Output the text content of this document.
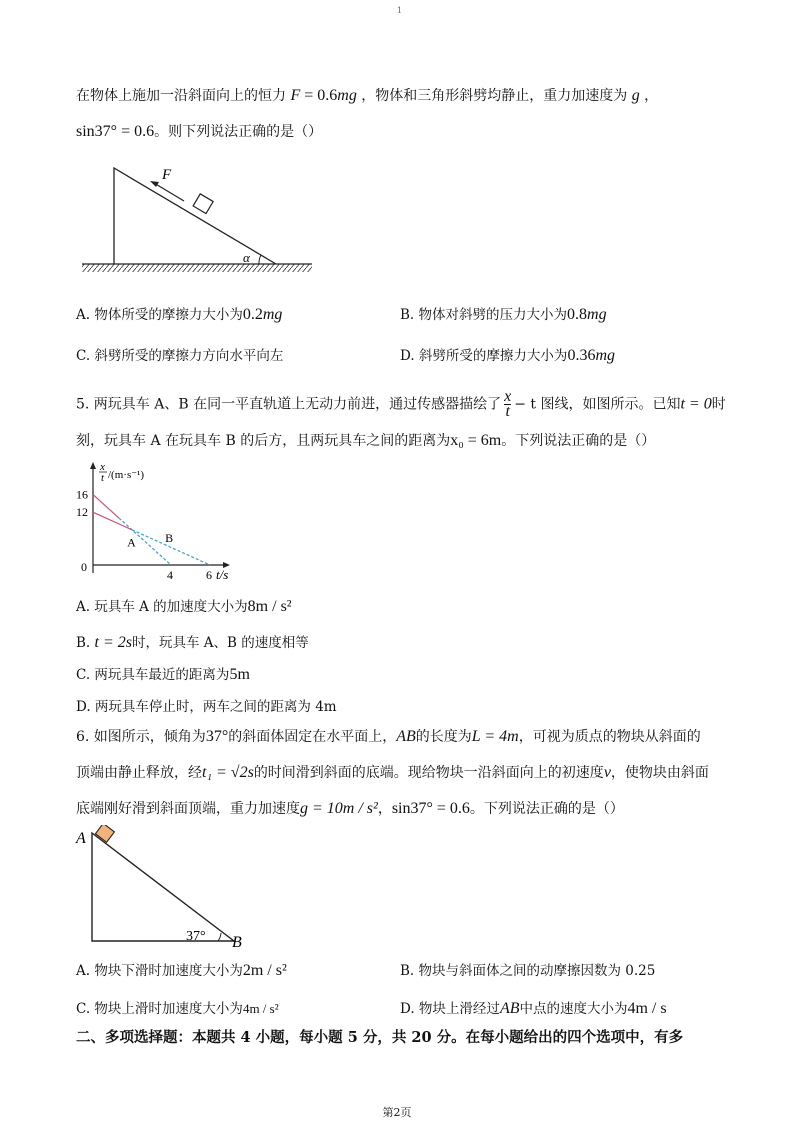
1
在物体上施加一沿斜面向上的恒力 F = 0.6mg ，物体和三角形斜劈均静止，重力加速度为 g ，
sin37° = 0.6。则下列说法正确的是（）
F
α
A. 物体所受的摩擦力大小为0.2mg	B. 物体对斜劈的压力大小为0.8mg
C. 斜劈所受的摩擦力方向水平向左	D. 斜劈所受的摩擦力大小为0.36mg
5. 两玩具车 A、B 在同一平直轨道上无动力前进，通过传感器描绘了 $\frac{x}{t} - t$ 图线，如图所示。已知t = 0时
刻，玩具车 A 在玩具车 B 的后方，且两玩具车之间的距离为x₀ = 6m。下列说法正确的是（）
x
t /(m·s⁻¹)
t/s
0
16
12
4	6
A B
A. 玩具车 A 的加速度大小为8m / s²
B. t = 2s时，玩具车 A、B 的速度相等
C. 两玩具车最近的距离为5m
D. 两玩具车停止时，两车之间的距离为 4m
6. 如图所示，倾角为37°的斜面体固定在水平面上，AB的长度为L = 4m，可视为质点的物块从斜面的
顶端由静止释放，经t₁ = √2s的时间滑到斜面的底端。现给物块一沿斜面向上的初速度v，使物块由斜面
底端刚好滑到斜面顶端，重力加速度g = 10m / s²，sin37° = 0.6。下列说法正确的是（）
A
B
37°
A. 物块下滑时加速度大小为2m / s²	B. 物块与斜面体之间的动摩擦因数为 0.25
C. 物块上滑时加速度大小为4m / s²	D. 物块上滑经过AB中点的速度大小为4m / s
二、多项选择题：本题共 4 小题，每小题 5 分，共 20 分。在每小题给出的四个选项中，有多
第2页
